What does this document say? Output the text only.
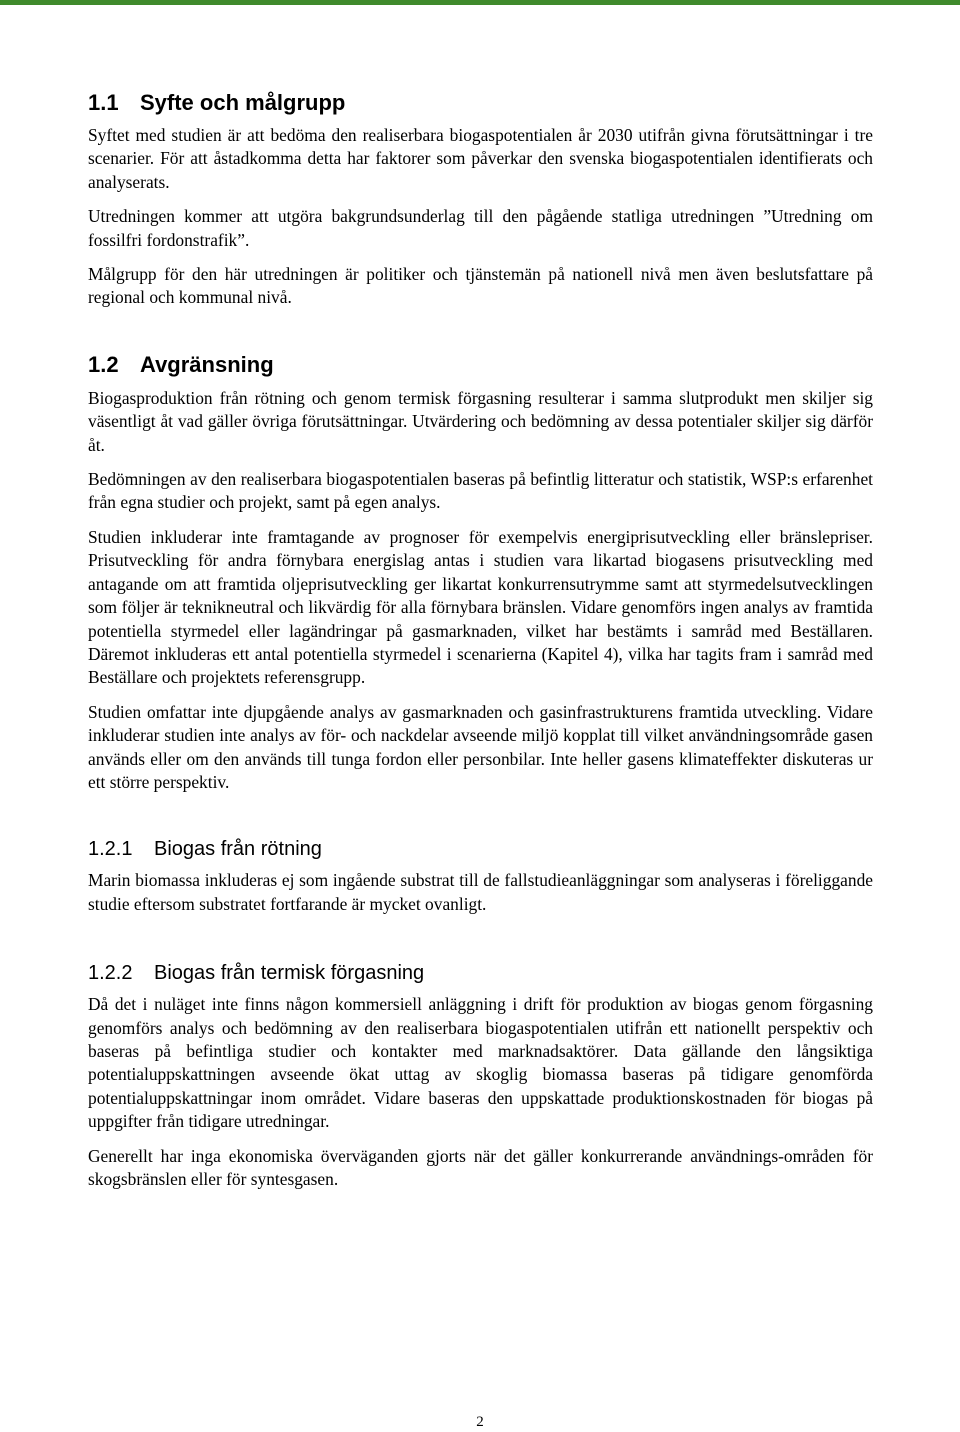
1.1 Syfte och målgrupp

Syftet med studien är att bedöma den realiserbara biogaspotentialen år 2030 utifrån givna förutsättningar i tre scenarier. För att åstadkomma detta har faktorer som påverkar den svenska biogaspotentialen identifierats och analyserats.

Utredningen kommer att utgöra bakgrundsunderlag till den pågående statliga utredningen ”Utredning om fossilfri fordonstrafik”.

Målgrupp för den här utredningen är politiker och tjänstemän på nationell nivå men även beslutsfattare på regional och kommunal nivå.

1.2 Avgränsning

Biogasproduktion från rötning och genom termisk förgasning resulterar i samma slutprodukt men skiljer sig väsentligt åt vad gäller övriga förutsättningar. Utvärdering och bedömning av dessa potentialer skiljer sig därför åt.

Bedömningen av den realiserbara biogaspotentialen baseras på befintlig litteratur och statistik, WSP:s erfarenhet från egna studier och projekt, samt på egen analys.

Studien inkluderar inte framtagande av prognoser för exempelvis energiprisutveckling eller bränslepriser. Prisutveckling för andra förnybara energislag antas i studien vara likartad biogasens prisutveckling med antagande om att framtida oljeprisutveckling ger likartat konkurrensutrymme samt att styrmedelsutvecklingen som följer är teknikneutral och likvärdig för alla förnybara bränslen. Vidare genomförs ingen analys av framtida potentiella styrmedel eller lagändringar på gasmarknaden, vilket har bestämts i samråd med Beställaren. Däremot inkluderas ett antal potentiella styrmedel i scenarierna (Kapitel 4), vilka har tagits fram i samråd med Beställare och projektets referensgrupp.

Studien omfattar inte djupgående analys av gasmarknaden och gasinfrastrukturens framtida utveckling. Vidare inkluderar studien inte analys av för- och nackdelar avseende miljö kopplat till vilket användningsområde gasen används eller om den används till tunga fordon eller personbilar. Inte heller gasens klimateffekter diskuteras ur ett större perspektiv.

1.2.1 Biogas från rötning

Marin biomassa inkluderas ej som ingående substrat till de fallstudieanläggningar som analyseras i föreliggande studie eftersom substratet fortfarande är mycket ovanligt.

1.2.2 Biogas från termisk förgasning

Då det i nuläget inte finns någon kommersiell anläggning i drift för produktion av biogas genom förgasning genomförs analys och bedömning av den realiserbara biogaspotentialen utifrån ett nationellt perspektiv och baseras på befintliga studier och kontakter med marknadsaktörer. Data gällande den långsiktiga potentialuppskattningen avseende ökat uttag av skoglig biomassa baseras på tidigare genomförda potentialuppskattningar inom området. Vidare baseras den uppskattade produktionskostnaden för biogas på uppgifter från tidigare utredningar.

Generellt har inga ekonomiska överväganden gjorts när det gäller konkurrerande användnings-områden för skogsbränslen eller för syntesgasen.

2
